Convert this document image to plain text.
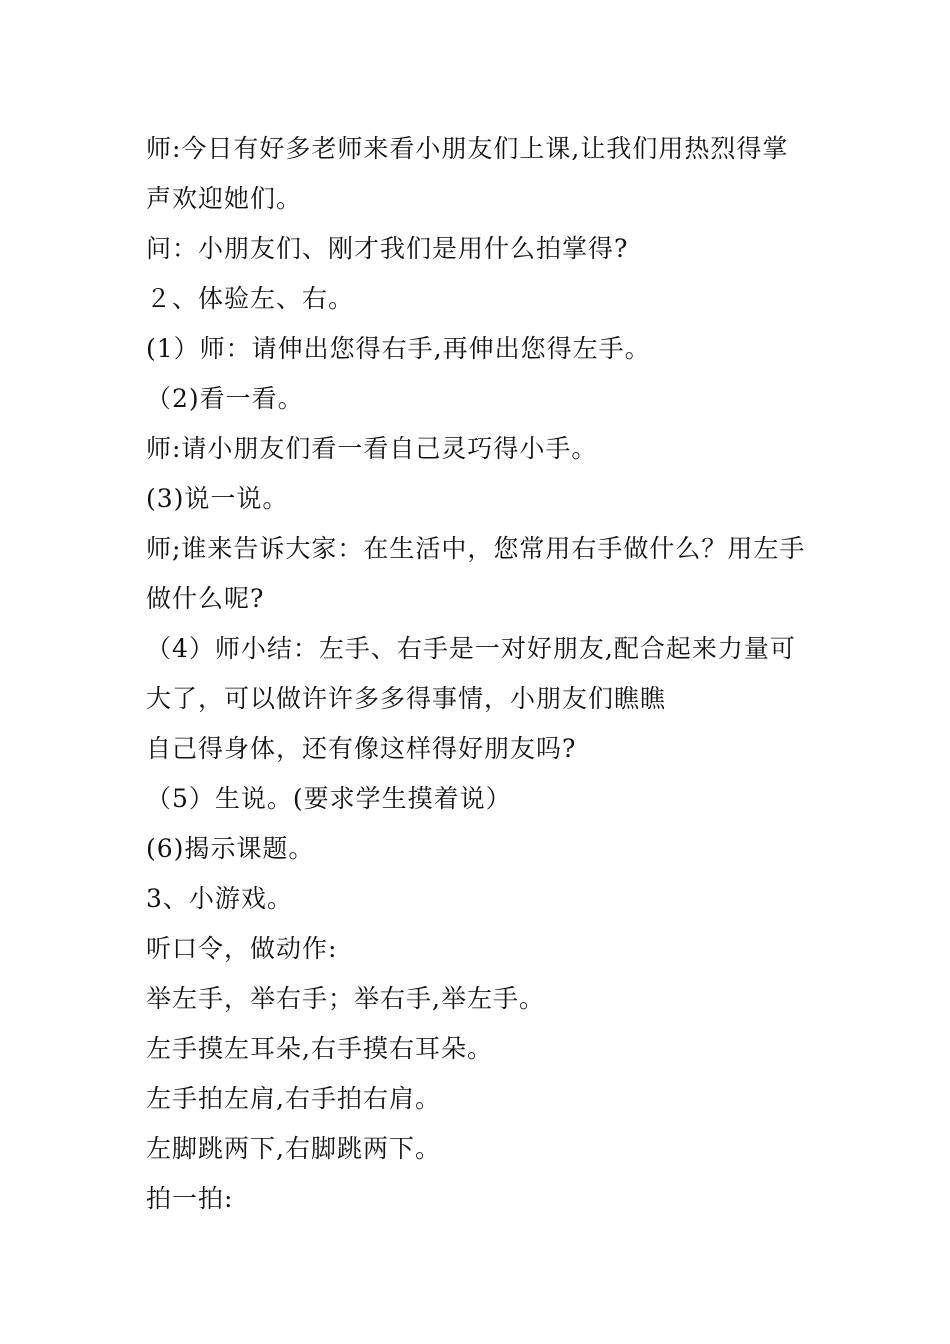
师:今日有好多老师来看小朋友们上课,让我们用热烈得掌

声欢迎她们。

问：小朋友们、刚才我们是用什么拍掌得?

２、体验左、右。

(1）师：请伸出您得右手,再伸出您得左手。

（2)看一看。

师:请小朋友们看一看自己灵巧得小手。

(3)说一说。

师;谁来告诉大家：在生活中，您常用右手做什么？用左手

做什么呢?

（4）师小结：左手、右手是一对好朋友,配合起来力量可

大了，可以做许许多多得事情，小朋友们瞧瞧

自己得身体，还有像这样得好朋友吗?

（5）生说。(要求学生摸着说）

(6)揭示课题。

3、小游戏。

听口令，做动作:

举左手，举右手；举右手,举左手。

左手摸左耳朵,右手摸右耳朵。

左手拍左肩,右手拍右肩。

左脚跳两下,右脚跳两下。

拍一拍:
